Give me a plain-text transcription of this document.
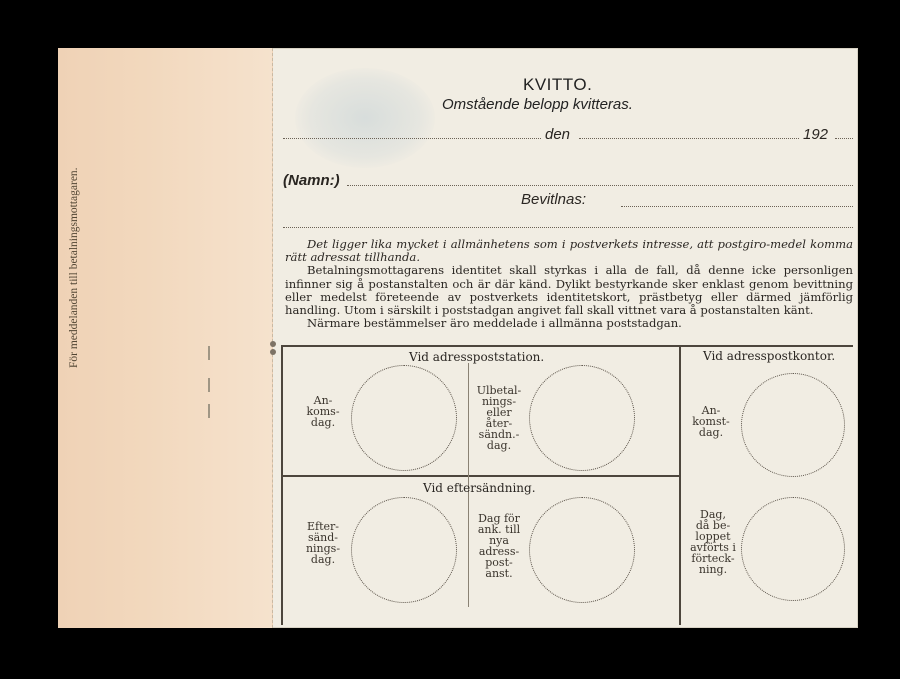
För meddelanden till betalningsmottagaren.
KVITTO.
Omstående belopp kvitteras.
den	192
(Namn:)
Bevitlnas:

Det ligger lika mycket i allmänhetens som i postverkets intresse, att postgiro-medel komma rätt adressat tillhanda.

Betalningsmottagarens identitet skall styrkas i alla de fall, då denne icke personligen infinner sig å postanstalten och är där känd. Dylikt bestyrkande sker enklast genom bevittning eller medelst företeende av postverkets identitetskort, prästbetyg eller därmed jämförlig handling. Utom i särskilt i poststadgan angivet fall skall vittnet vara å postanstalten känt.

Närmare bestämmelser äro meddelade i allmänna poststadgan.

Vid adresspoststation.	Vid adresspostkontor.
Vid eftersändning.
An-
koms-
dag.
Ulbetal-
nings-
eller
åter-
sändn.-
dag.
Efter-
sänd-
nings-
dag.
Dag för
ank. till
nya
adress-
post-
anst.
An-
komst-
dag.
Dag,
då be-
loppet
avförts i
förteck-
ning.
